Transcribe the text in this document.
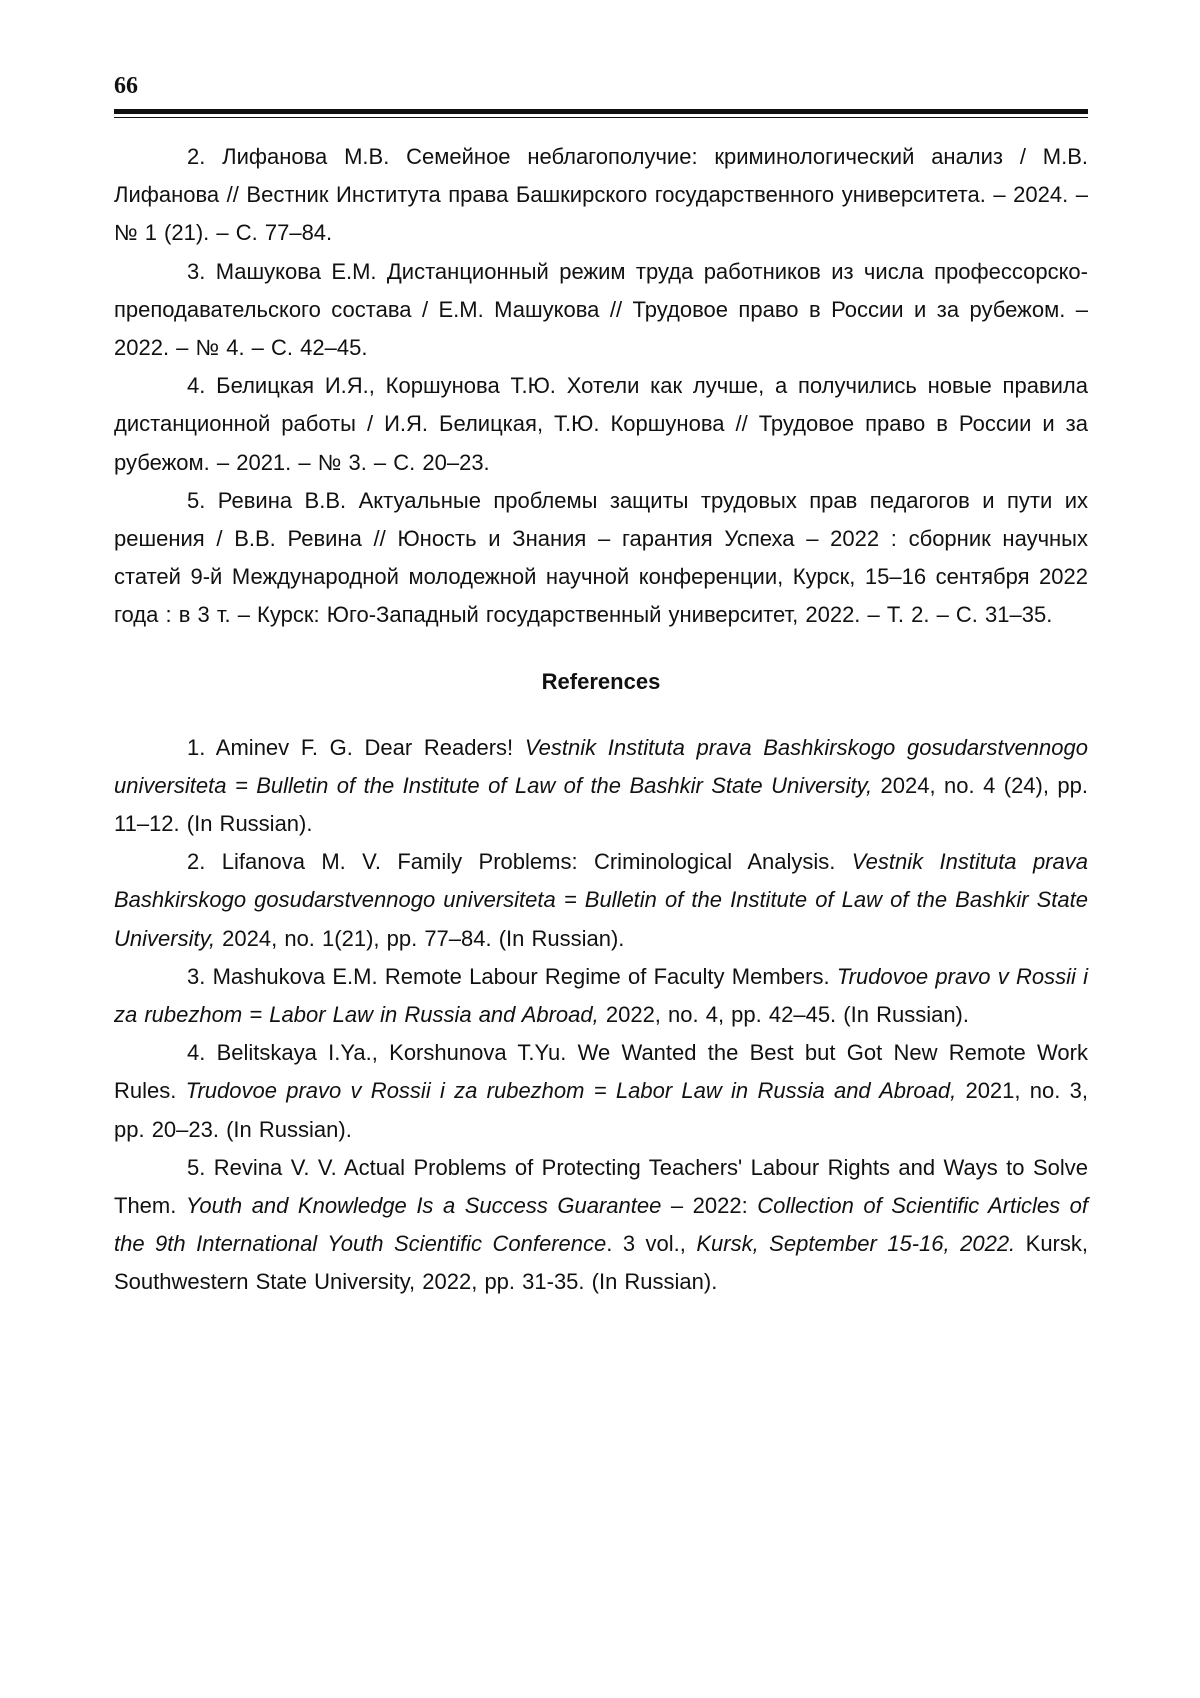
66

2. Лифанова М.В. Семейное неблагополучие: криминологический анализ / М.В. Лифанова // Вестник Института права Башкирского государственного университета. – 2024. – № 1 (21). – С. 77–84.

3. Машукова Е.М. Дистанционный режим труда работников из числа профессорско-преподавательского состава / Е.М. Машукова // Трудовое право в России и за рубежом. – 2022. – № 4. – С. 42–45.

4. Белицкая И.Я., Коршунова Т.Ю. Хотели как лучше, а получились новые правила дистанционной работы / И.Я. Белицкая, Т.Ю. Коршунова // Трудовое право в России и за рубежом. – 2021. – № 3. – С. 20–23.

5. Ревина В.В. Актуальные проблемы защиты трудовых прав педагогов и пути их решения / В.В. Ревина // Юность и Знания – гарантия Успеха – 2022 : сборник научных статей 9-й Международной молодежной научной конференции, Курск, 15–16 сентября 2022 года : в 3 т. – Курск: Юго-Западный государственный университет, 2022. – Т. 2. – С. 31–35.

References

1. Aminev F. G. Dear Readers! Vestnik Instituta prava Bashkirskogo gosudarstvennogo universiteta = Bulletin of the Institute of Law of the Bashkir State University, 2024, no. 4 (24), pp. 11–12. (In Russian).

2. Lifanova M. V. Family Problems: Criminological Analysis. Vestnik Instituta prava Bashkirskogo gosudarstvennogo universiteta = Bulletin of the Institute of Law of the Bashkir State University, 2024, no. 1(21), pp. 77–84. (In Russian).

3. Mashukova E.M. Remote Labour Regime of Faculty Members. Trudovoe pravo v Rossii i za rubezhom = Labor Law in Russia and Abroad, 2022, no. 4, pp. 42–45. (In Russian).

4. Belitskaya I.Ya., Korshunova T.Yu. We Wanted the Best but Got New Remote Work Rules. Trudovoe pravo v Rossii i za rubezhom = Labor Law in Russia and Abroad, 2021, no. 3, pp. 20–23. (In Russian).

5. Revina V. V. Actual Problems of Protecting Teachers' Labour Rights and Ways to Solve Them. Youth and Knowledge Is a Success Guarantee – 2022: Collection of Scientific Articles of the 9th International Youth Scientific Conference. 3 vol., Kursk, September 15-16, 2022. Kursk, Southwestern State University, 2022, pp. 31-35. (In Russian).
